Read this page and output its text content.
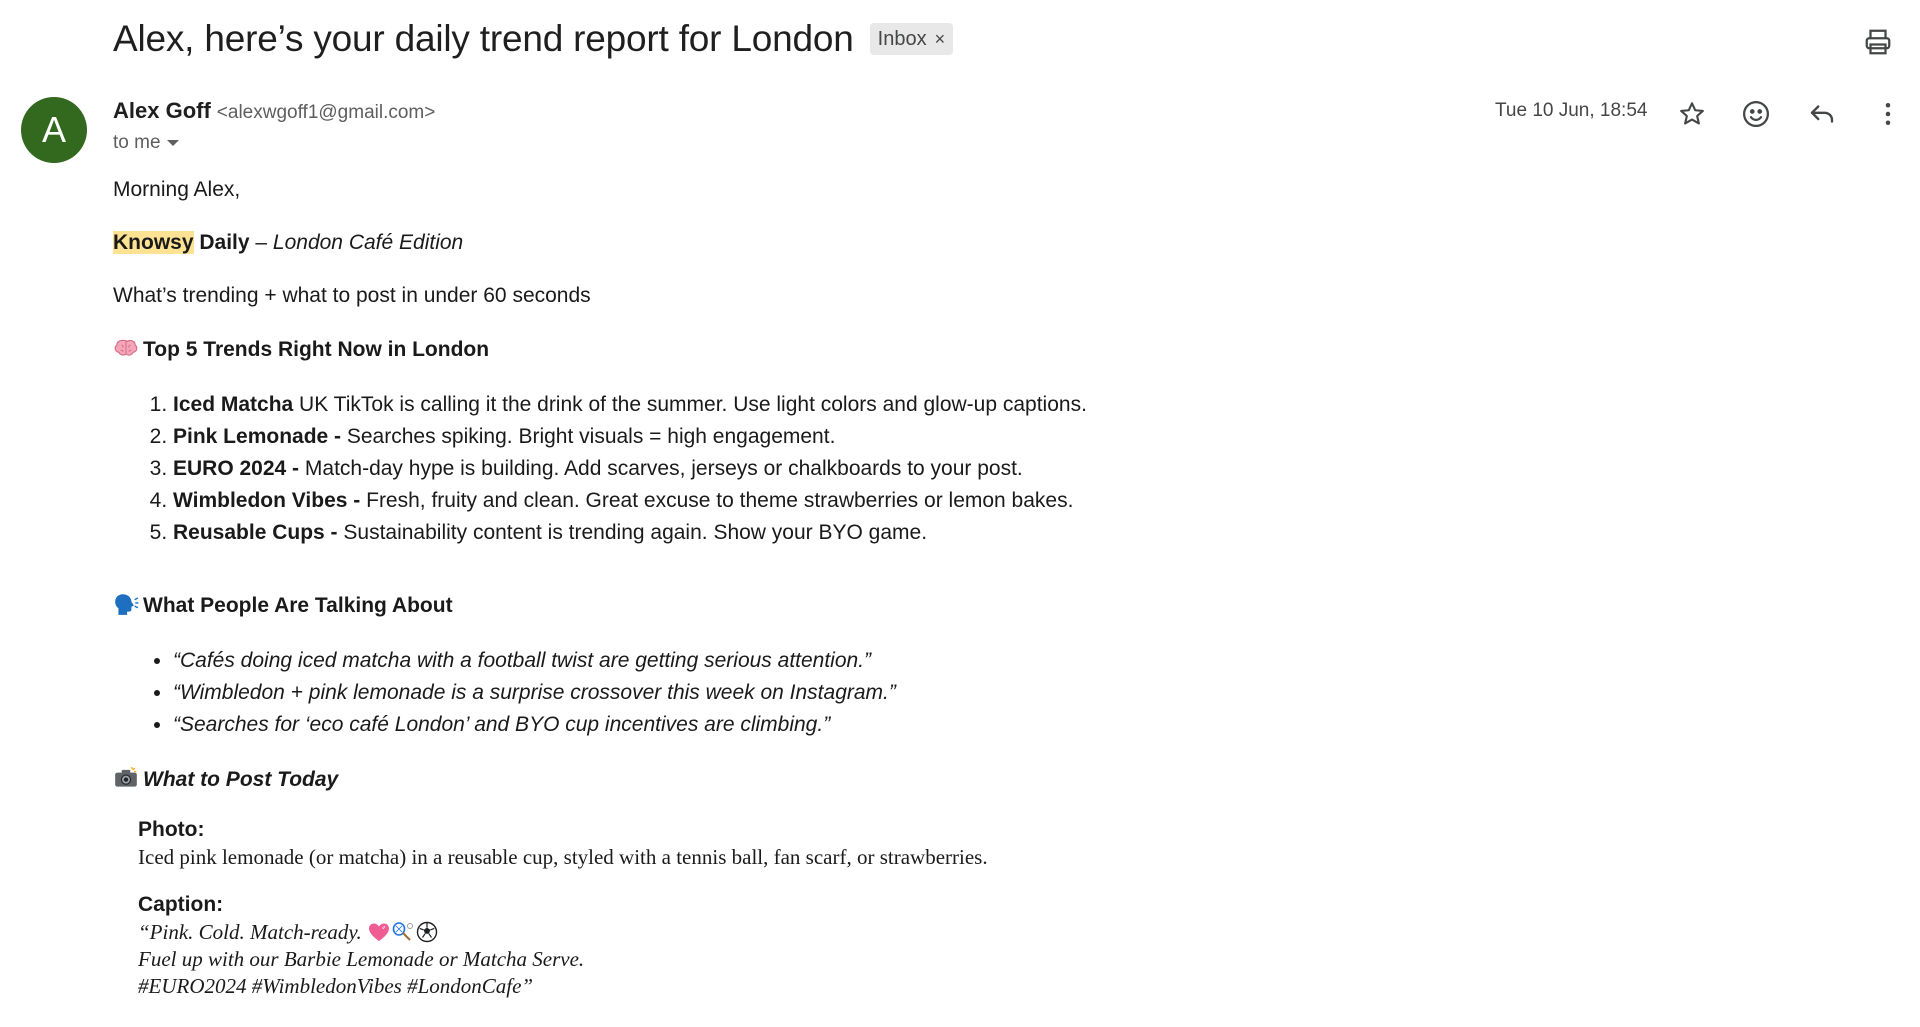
Alex, here’s your daily trend report for London Inbox ×
A Alex Goff <alexwgoff1@gmail.com>
to me
Tue 10 Jun, 18:54

Morning Alex,

Knowsy Daily – London Café Edition

What’s trending + what to post in under 60 seconds

Top 5 Trends Right Now in London

1. Iced Matcha UK TikTok is calling it the drink of the summer. Use light colors and glow-up captions.
2. Pink Lemonade - Searches spiking. Bright visuals = high engagement.
3. EURO 2024 - Match-day hype is building. Add scarves, jerseys or chalkboards to your post.
4. Wimbledon Vibes - Fresh, fruity and clean. Great excuse to theme strawberries or lemon bakes.
5. Reusable Cups - Sustainability content is trending again. Show your BYO game.

What People Are Talking About

• “Cafés doing iced matcha with a football twist are getting serious attention.”
• “Wimbledon + pink lemonade is a surprise crossover this week on Instagram.”
• “Searches for ‘eco café London’ and BYO cup incentives are climbing.”

What to Post Today

Photo:
Iced pink lemonade (or matcha) in a reusable cup, styled with a tennis ball, fan scarf, or strawberries.
Caption:
“Pink. Cold. Match-ready.
Fuel up with our Barbie Lemonade or Matcha Serve.
#EURO2024 #WimbledonVibes #LondonCafe”
